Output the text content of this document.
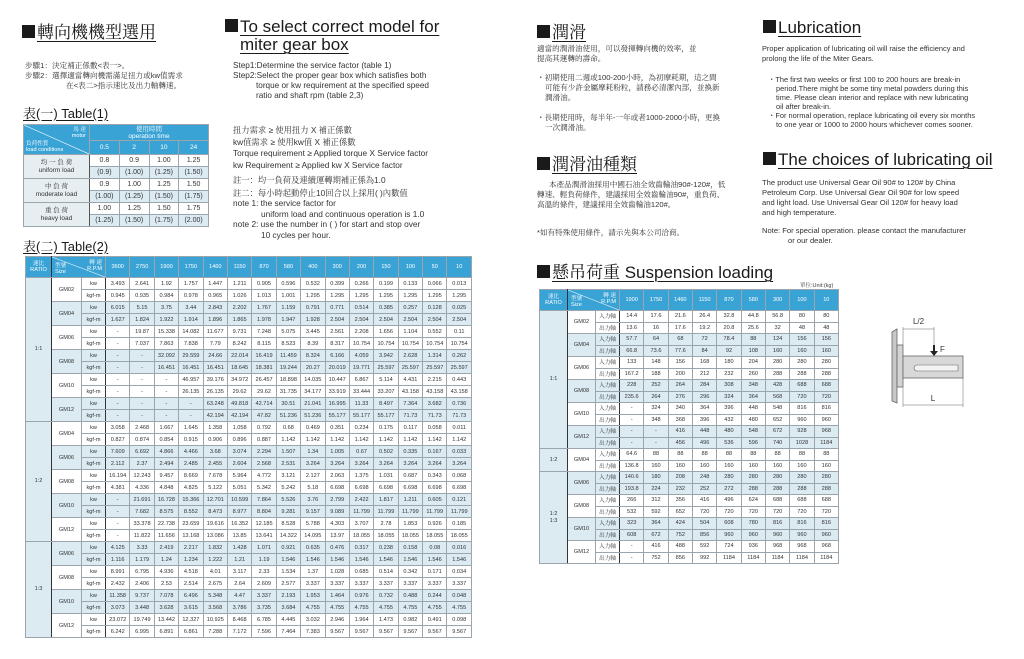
轉向機機型選用
步驟1：決定補正係數<表一>。
步驟2：選擇適當轉向機需滿足扭力或kw值需求
在<表二>指示速比及出力軸轉速。
表(一) Table(1)
馬 達
motor
負荷性質
load conditions	使用時間
operation time			
	0.5	2	10	24
均 一 負 荷
uniform load	0.8	0.9	1.00	1.25
	(0.9)	(1.00)	(1.25)	(1.50)
中 負 荷
moderate load	0.9	1.00	1.25	1.50
	(1.00)	(1.25)	(1.50)	(1.75)
重 負 荷
heavy load	1.00	1.25	1.50	1.75
	(1.25)	(1.50)	(1.75)	(2.00)
表(二) Table(2)
速比
RATIO	轉 速
R.P.M
型號
Size		3600	2750	1900	1750	1460	1150	870	580	400	300	200	150	100	50	10
1:1	GM02	kw	3.493	2.641	1.92	1.757	1.447	1.211	0.905	0.596	0.532	0.399	0.266	0.199	0.133	0.066	0.013
		kgf-m	0.945	0.935	0.984	0.978	0.965	1.026	1.013	1.001	1.295	1.295	1.295	1.295	1.295	1.295	1.295
	GM04	kw	6.015	5.15	3.75	3.44	2.843	2.202	1.767	1.159	0.791	0.771	0.514	0.385	0.257	0.128	0.025
		kgf-m	1.627	1.824	1.922	1.914	1.896	1.865	1.978	1.947	1.928	2.504	2.504	2.504	2.504	2.504	2.504
	GM06	kw	-	19.87	15.338	14.082	11.677	9.731	7.248	5.075	3.445	2.561	2.208	1.656	1.104	0.552	0.11
		kgf-m	-	7.037	7.863	7.838	7.79	8.242	8.115	8.523	8.39	8.317	10.754	10.754	10.754	10.754	10.754
	GM08	kw	-	-	32.092	29.559	24.66	22.014	16.419	11.459	8.324	6.166	4.059	3.942	2.628	1.314	0.262
		kgf-m	-	-	16.451	16.451	16.451	18.645	18.381	19.244	20.27	20.019	19.771	25.597	25.597	25.597	25.597
	GM10	kw	-	-	-	46.957	39.176	34.972	26.457	18.898	14.035	10.447	6.867	5.114	4.431	2.215	0.443
		kgf-m	-	-	-	26.135	26.135	29.62	29.62	31.735	34.177	33.919	33.444	33.207	43.158	43.158	43.158
	GM12	kw	-	-	-	-	63.248	49.818	42.714	30.51	21.041	16.995	11.33	8.497	7.364	3.682	0.736
		kgf-m	-	-	-	-	42.194	42.194	47.82	51.236	51.236	55.177	55.177	55.177	71.73	71.73	71.73
1:2	GM04	kw	3.058	2.468	1.667	1.645	1.358	1.058	0.792	0.68	0.469	0.351	0.234	0.175	0.117	0.058	0.011
		kgf-m	0.827	0.874	0.854	0.915	0.906	0.896	0.887	1.142	1.142	1.142	1.142	1.142	1.142	1.142	1.142
	GM06	kw	7.609	6.692	4.866	4.466	3.68	3.074	2.294	1.507	1.34	1.005	0.67	0.502	0.335	0.167	0.033
		kgf-m	2.112	2.37	2.494	2.485	2.455	2.604	2.568	2.531	3.264	3.264	3.264	3.264	3.264	3.264	3.264
	GM08	kw	16.194	12.243	9.457	8.669	7.678	5.964	4.772	3.121	2.127	2.063	1.375	1.031	0.687	0.343	0.068
		kgf-m	4.381	4.336	4.848	4.825	5.122	5.051	5.342	5.242	5.18	6.698	6.698	6.698	6.698	6.698	6.698
	GM10	kw	-	21.691	16.728	15.366	12.701	10.599	7.864	5.526	3.76	2.799	2.422	1.817	1.211	0.605	0.121
		kgf-m	-	7.682	8.575	8.552	8.473	8.977	8.804	9.281	9.157	9.089	11.799	11.799	11.799	11.799	11.799
	GM12	kw	-	33.378	22.738	23.659	19.616	16.352	12.185	8.528	5.788	4.303	3.707	2.78	1.853	0.926	0.185
		kgf-m	-	11.822	11.656	13.168	13.086	13.85	13.641	14.322	14.095	13.97	18.055	18.055	18.055	18.055	18.055
1:3	GM06	kw	4.125	3.33	2.419	2.217	1.832	1.428	1.071	0.921	0.635	0.476	0.317	0.238	0.158	0.08	0.016
		kgf-m	1.116	1.179	1.24	1.234	1.222	1.21	1.19	1.546	1.546	1.546	1.546	1.546	1.546	1.546	1.546
	GM08	kw	8.991	6.795	4.936	4.518	4.01	3.117	2.33	1.534	1.37	1.028	0.685	0.514	0.342	0.171	0.034
		kgf-m	2.432	2.406	2.53	2.514	2.675	2.64	2.609	2.577	3.337	3.337	3.337	3.337	3.337	3.337	3.337
	GM10	kw	11.358	9.737	7.078	6.496	5.348	4.47	3.337	2.193	1.953	1.464	0.976	0.732	0.488	0.244	0.048
		kgf-m	3.073	3.448	3.628	3.615	3.568	3.786	3.735	3.684	4.755	4.755	4.755	4.755	4.755	4.755	4.755
	GM12	kw	23.072	19.749	13.442	12.327	10.925	8.468	6.785	4.445	3.032	2.946	1.964	1.473	0.982	0.491	0.098
		kgf-m	6.242	6.995	6.891	6.861	7.288	7.172	7.596	7.464	7.383	9.567	9.567	9.567	9.567	9.567	9.567
To select correct model for
miter gear box
Step1:Determine the service factor (table 1)
Step2:Select the proper gear box which satisfies both
torque or kw requirement at the specified speed
ratio and shaft rpm (table 2,3)
扭力需求 ≥ 使用扭力 X 補正係數
kw值需求 ≥ 使用kw值 X 補正係數
Torque requirement ≥ Applied torque X Service factor
kw Requirement ≥ Applied kw X Service factor
註一：均一負荷及連續運轉期補正係為1.0
註二：每小時起動停止10回合以上採用( )內數值
note 1: the service factor for
uniform load and continuous operation is 1.0
note 2: use the number in ( ) for start and stop over
10 cycles per hour.
潤滑
適當的潤滑油使用，可以發揮轉向機的效率，並
提高其運轉的壽命。
・初期使用二週或100-200小時，為初摩耗期，這之間
可能有少許金屬摩耗粉粒，請務必清潔內部，並換新
潤滑油。
・長期使用時，每半年-一年或者1000-2000小時，更換
一次潤滑油。
潤滑油種類
本產品潤滑油採用中國石油全效齒輪油90#-120#，低
轉速、輕負荷條件，建議採用全效齒輪油90#，重負荷、
高溫的條件，建議採用全效齒輪油120#。
*如有特殊使用條件，請示先與本公司洽商。
Lubrication
Proper application of lubricating oil will raise the efficiency and
prolong the life of the Miter Gears.
・The first two weeks or first 100 to 200 hours are break-in
period.There might be some tiny metal powders during this
time. Please clean interior and replace with new lubricating
oil after break-in.
・For normal operation, replace lubricating oil every six months
to one year or 1000 to 2000 hours whichever comes sooner.
The choices of lubricating oil
The product use Universal Gear Oil 90# to 120# by China
Petroleum Corp. Use Universal Gear Oil 90# for low speed
and light load. Use Universal Gear Oil 120# for heavy load
and high temperature.
Note: For special operation. please contact the manufacturer
or our dealer.
懸吊荷重 Suspension loading
單位:Unit:(kg)
速比
RATIO	轉 速
R.P.M
型號
Size		1900	1750	1460	1150	870	580	300	100	10
1:1	GM02	入力軸	14.4	17.6	21.6	26.4	32.8	44.8	56.8	80	80
		出力軸	13.6	16	17.6	19.2	20.8	25.6	32	48	48
	GM04	入力軸	57.7	64	68	72	78.4	88	124	156	156
		出力軸	66.8	73.6	77.6	84	92	108	160	160	160
	GM06	入力軸	133	148	156	168	180	204	280	280	280
		出力軸	167.2	188	200	212	232	260	288	288	288
	GM08	入力軸	228	252	264	284	308	348	428	688	688
		出力軸	235.6	264	276	296	324	364	568	720	720
	GM10	入力軸	-	324	340	364	396	448	548	816	816
		出力軸	-	348	368	396	432	480	652	960	960
	GM12	入力軸	-	-	416	448	480	548	672	928	968
		出力軸	-	-	456	496	536	596	740	1028	1184
1:2	GM04	入力軸	64.6	88	88	88	88	88	88	88	88
		出力軸	136.8	160	160	160	160	160	160	160	160
1:2
1:3	GM06	入力軸	140.6	180	208	248	280	280	280	280	280
		出力軸	193.8	224	232	252	272	288	288	288	288
	GM08	入力軸	266	312	356	416	496	624	688	688	688
		出力軸	532	592	652	720	720	720	720	720	720
	GM10	入力軸	323	364	424	504	608	780	816	816	816
		出力軸	608	672	752	856	960	960	960	960	960
	GM12	入力軸	-	416	488	592	724	936	968	968	968
		出力軸	-	752	856	992	1184	1184	1184	1184	1184
L/2
F
L
